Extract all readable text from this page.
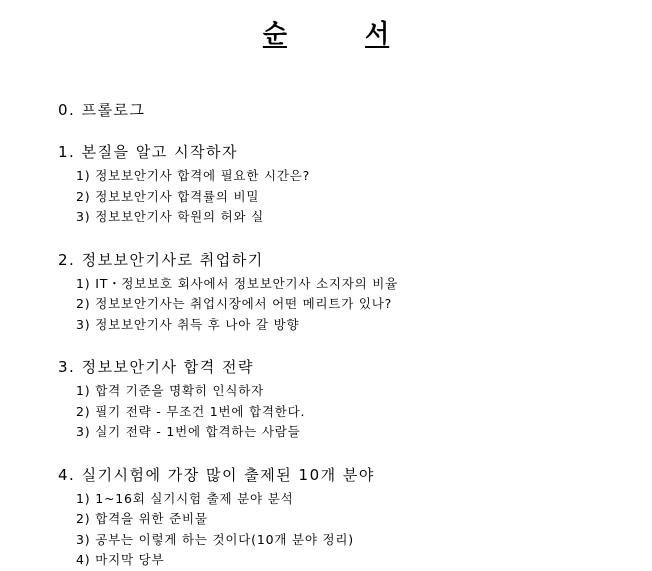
순	서
0. 프롤로그
1. 본질을 알고 시작하자
1) 정보보안기사 합격에 필요한 시간은?
2) 정보보안기사 합격률의 비밀
3) 정보보안기사 학원의 허와 실
2. 정보보안기사로 취업하기
1) IT・정보보호 회사에서 정보보안기사 소지자의 비율
2) 정보보안기사는 취업시장에서 어떤 메리트가 있나?
3) 정보보안기사 취득 후 나아 갈 방향
3. 정보보안기사 합격 전략
1) 합격 기준을 명확히 인식하자
2) 필기 전략 - 무조건 1번에 합격한다.
3) 실기 전략 - 1번에 합격하는 사람들
4. 실기시험에 가장 많이 출제된 10개 분야
1) 1~16회 실기시험 출제 분야 분석
2) 합격을 위한 준비물
3) 공부는 이렇게 하는 것이다(10개 분야 정리)
4) 마지막 당부
